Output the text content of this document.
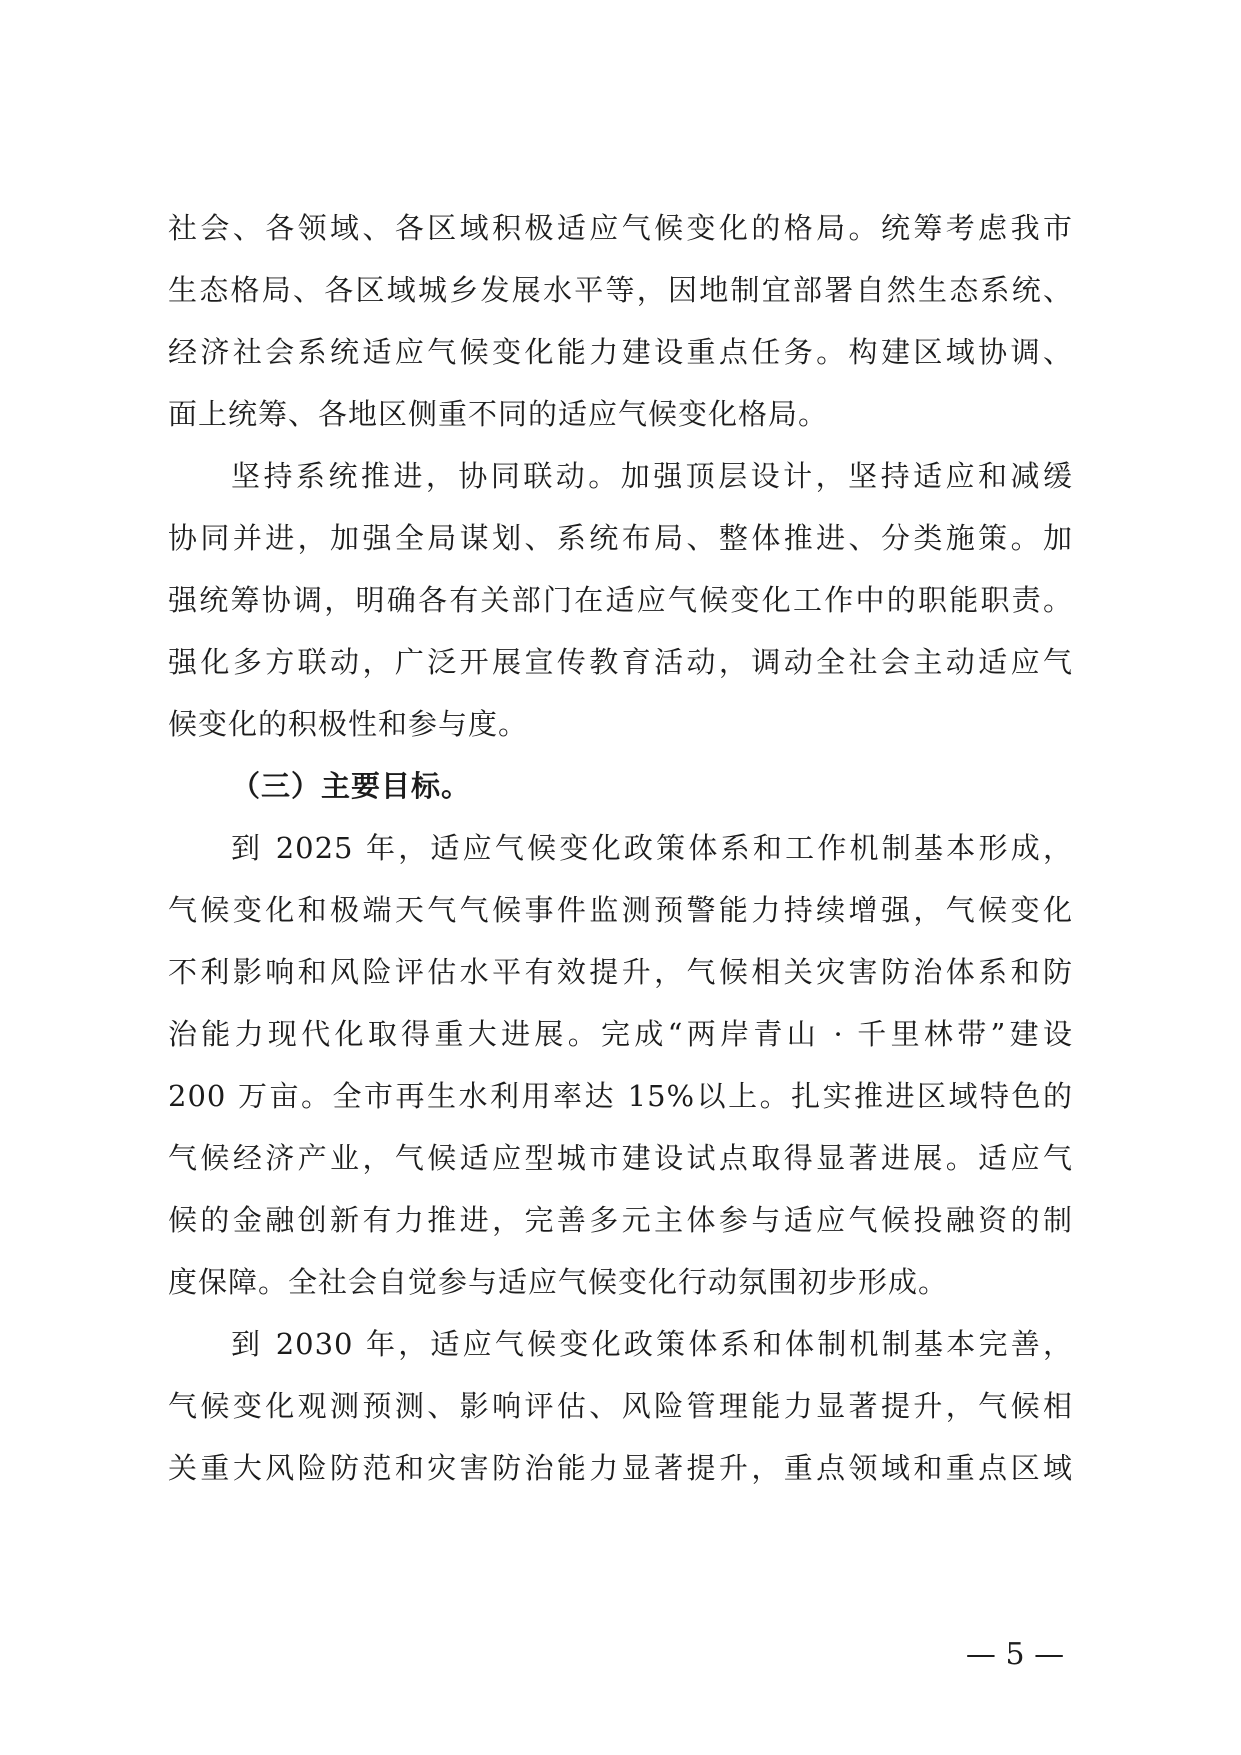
社会、各领域、各区域积极适应气候变化的格局。统筹考虑我市
生态格局、各区域城乡发展水平等，因地制宜部署自然生态系统、
经济社会系统适应气候变化能力建设重点任务。构建区域协调、
面上统筹、各地区侧重不同的适应气候变化格局。
坚持系统推进，协同联动。加强顶层设计，坚持适应和减缓
协同并进，加强全局谋划、系统布局、整体推进、分类施策。加
强统筹协调，明确各有关部门在适应气候变化工作中的职能职责。
强化多方联动，广泛开展宣传教育活动，调动全社会主动适应气
候变化的积极性和参与度。
（三）主要目标。
到 2025 年，适应气候变化政策体系和工作机制基本形成，
气候变化和极端天气气候事件监测预警能力持续增强，气候变化
不利影响和风险评估水平有效提升，气候相关灾害防治体系和防
治能力现代化取得重大进展。完成“两岸青山 · 千里林带”建设
200 万亩。全市再生水利用率达 15%以上。扎实推进区域特色的
气候经济产业，气候适应型城市建设试点取得显著进展。适应气
候的金融创新有力推进，完善多元主体参与适应气候投融资的制
度保障。全社会自觉参与适应气候变化行动氛围初步形成。
到 2030 年，适应气候变化政策体系和体制机制基本完善，
气候变化观测预测、影响评估、风险管理能力显著提升，气候相
关重大风险防范和灾害防治能力显著提升，重点领域和重点区域
— 5 —
